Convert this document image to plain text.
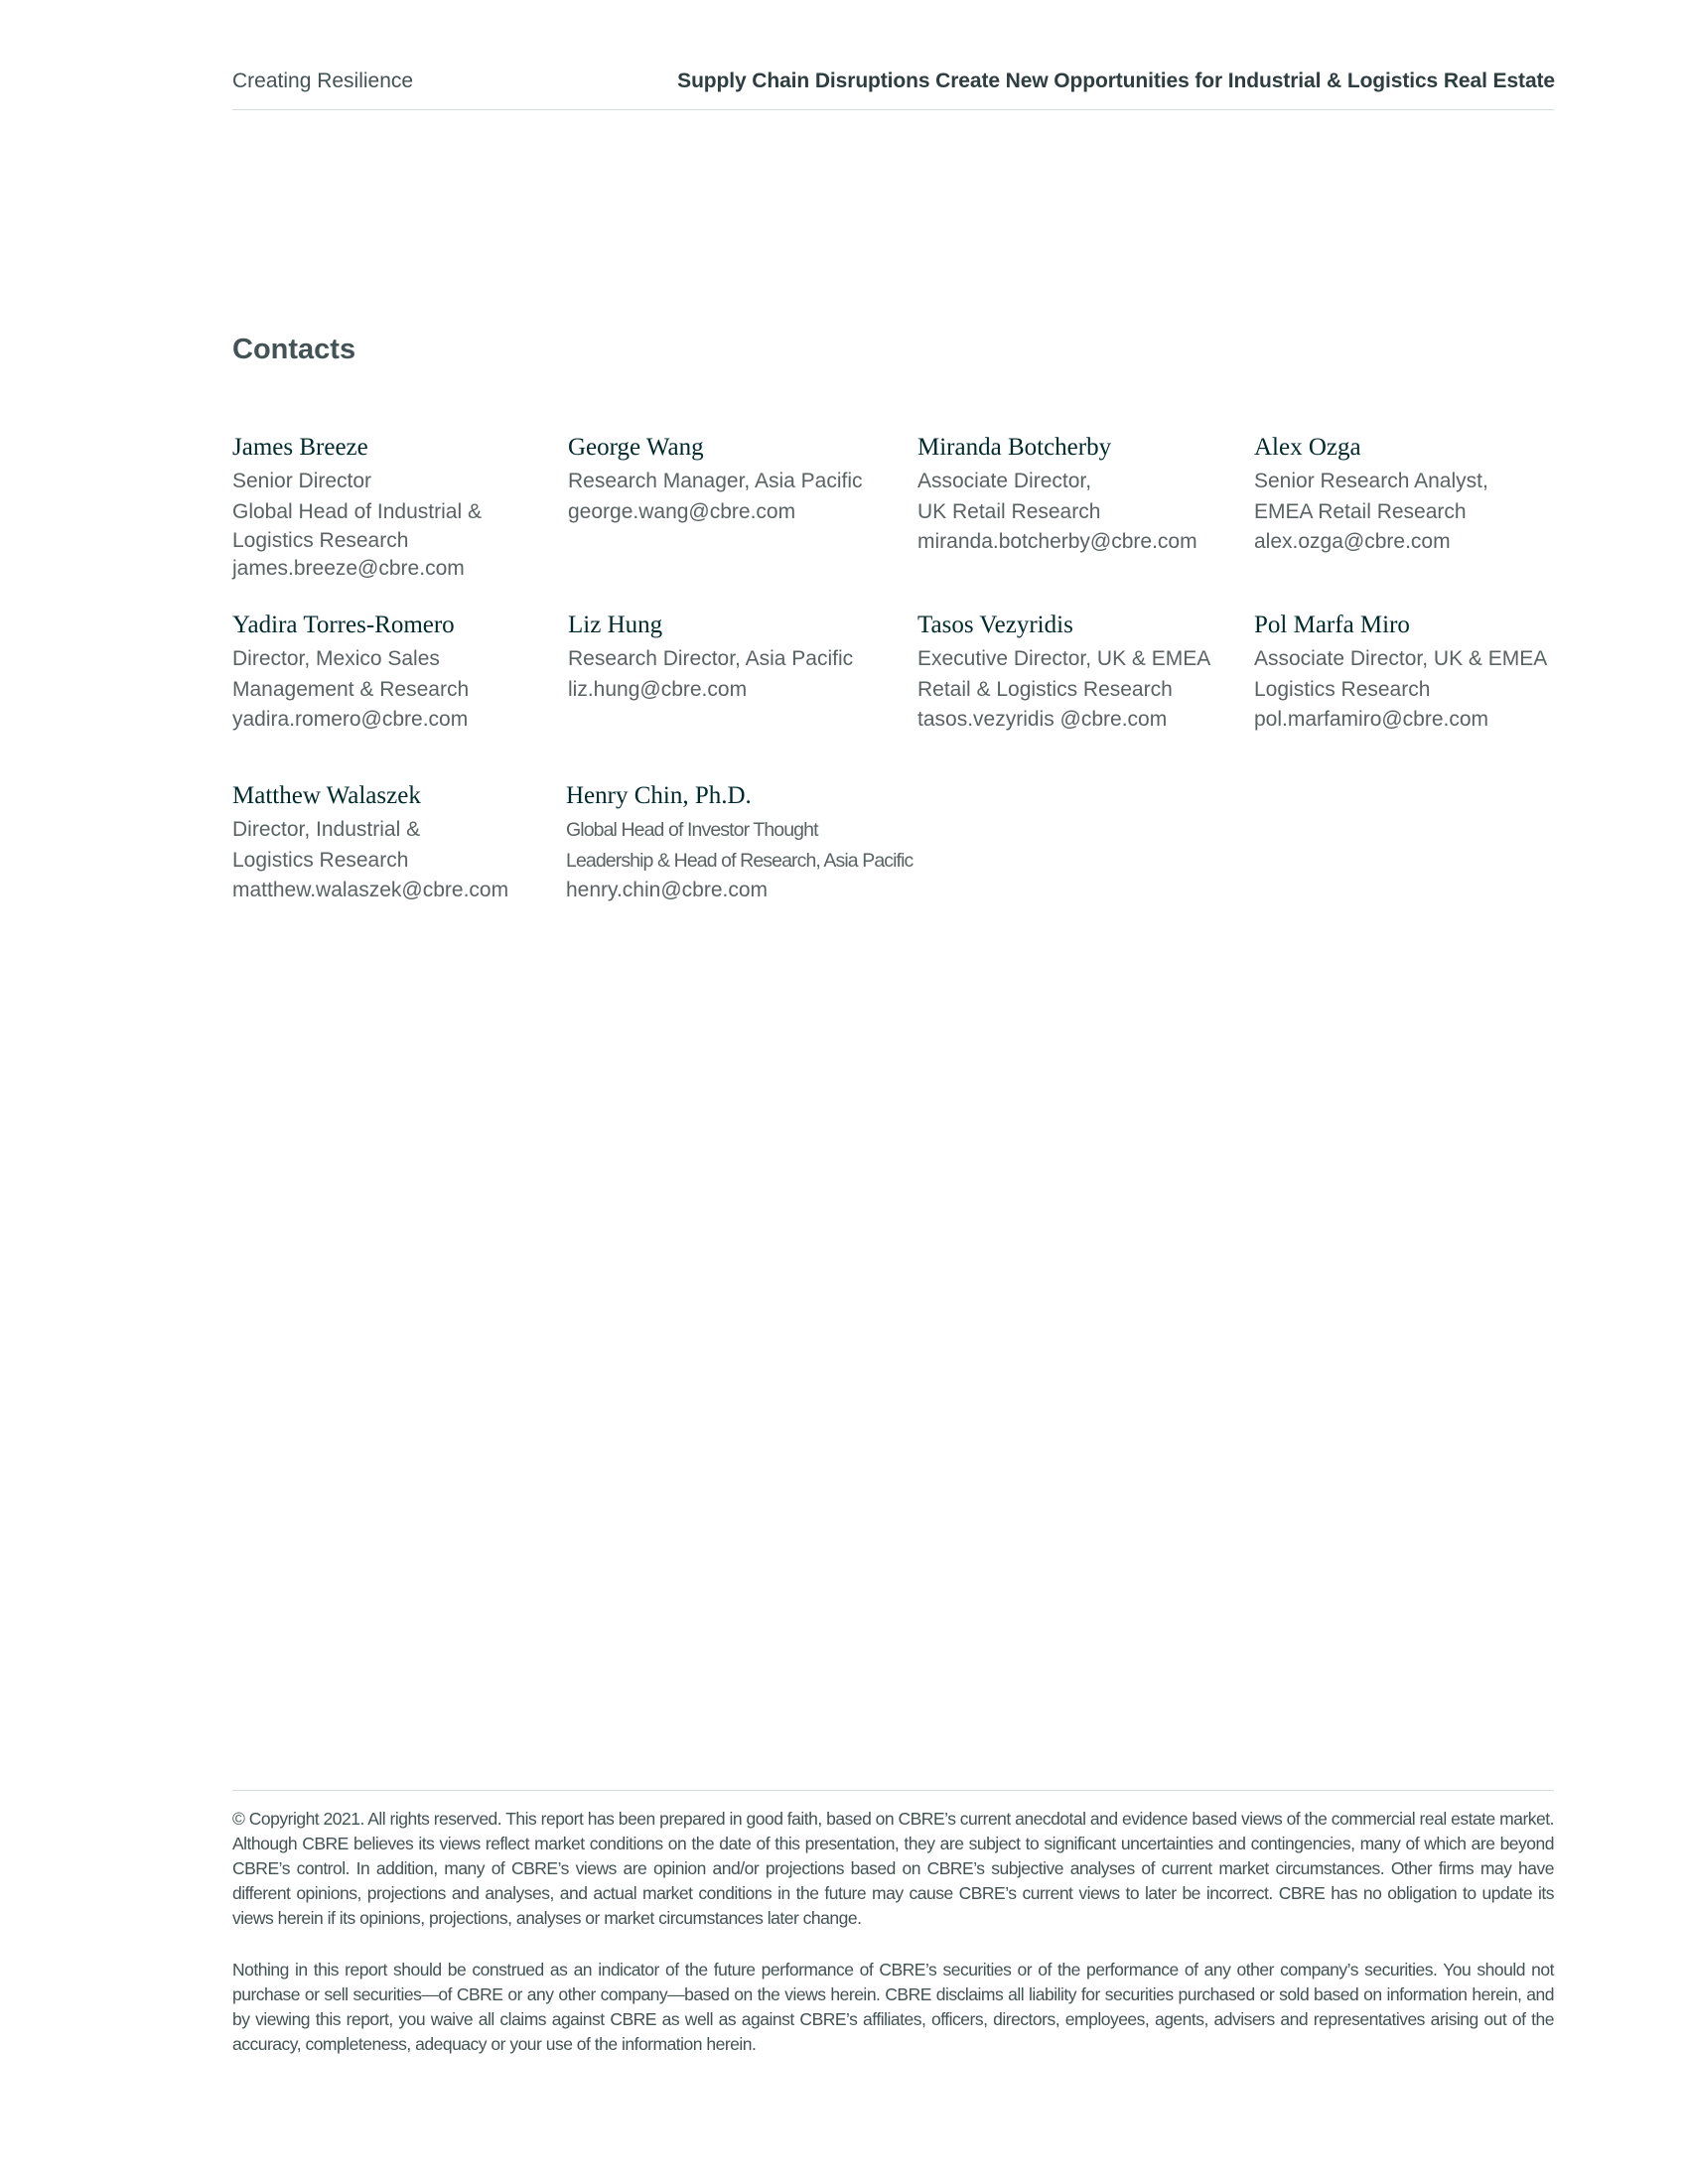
Creating Resilience	Supply Chain Disruptions Create New Opportunities for Industrial & Logistics Real Estate
Contacts
James Breeze
Senior Director
Global Head of Industrial &
Logistics Research
james.breeze@cbre.com
George Wang
Research Manager, Asia Pacific
george.wang@cbre.com
Miranda Botcherby
Associate Director,
UK Retail Research
miranda.botcherby@cbre.com
Alex Ozga
Senior Research Analyst,
EMEA Retail Research
alex.ozga@cbre.com
Yadira Torres-Romero
Director, Mexico Sales
Management & Research
yadira.romero@cbre.com
Liz Hung
Research Director, Asia Pacific
liz.hung@cbre.com
Tasos Vezyridis
Executive Director, UK & EMEA
Retail & Logistics Research
tasos.vezyridis @cbre.com
Pol Marfa Miro
Associate Director, UK & EMEA
Logistics Research
pol.marfamiro@cbre.com
Matthew Walaszek
Director, Industrial &
Logistics Research
matthew.walaszek@cbre.com
Henry Chin, Ph.D.
Global Head of Investor Thought
Leadership & Head of Research, Asia Pacific
henry.chin@cbre.com

© Copyright 2021. All rights reserved. This report has been prepared in good faith, based on CBRE’s current anecdotal and evidence based views of the commercial real estate market. Although CBRE believes its views reflect market conditions on the date of this presentation, they are subject to significant uncertainties and contingencies, many of which are beyond CBRE’s control. In addition, many of CBRE’s views are opinion and/or projections based on CBRE’s subjective analyses of current market circumstances. Other firms may have different opinions, projections and analyses, and actual market conditions in the future may cause CBRE’s current views to later be incorrect. CBRE has no obligation to update its views herein if its opinions, projections, analyses or market circumstances later change.

Nothing in this report should be construed as an indicator of the future performance of CBRE’s securities or of the performance of any other company’s securities. You should not purchase or sell securities—of CBRE or any other company—based on the views herein. CBRE disclaims all liability for securities purchased or sold based on information herein, and by viewing this report, you waive all claims against CBRE as well as against CBRE’s affiliates, officers, directors, employees, agents, advisers and representatives arising out of the accuracy, completeness, adequacy or your use of the information herein.
